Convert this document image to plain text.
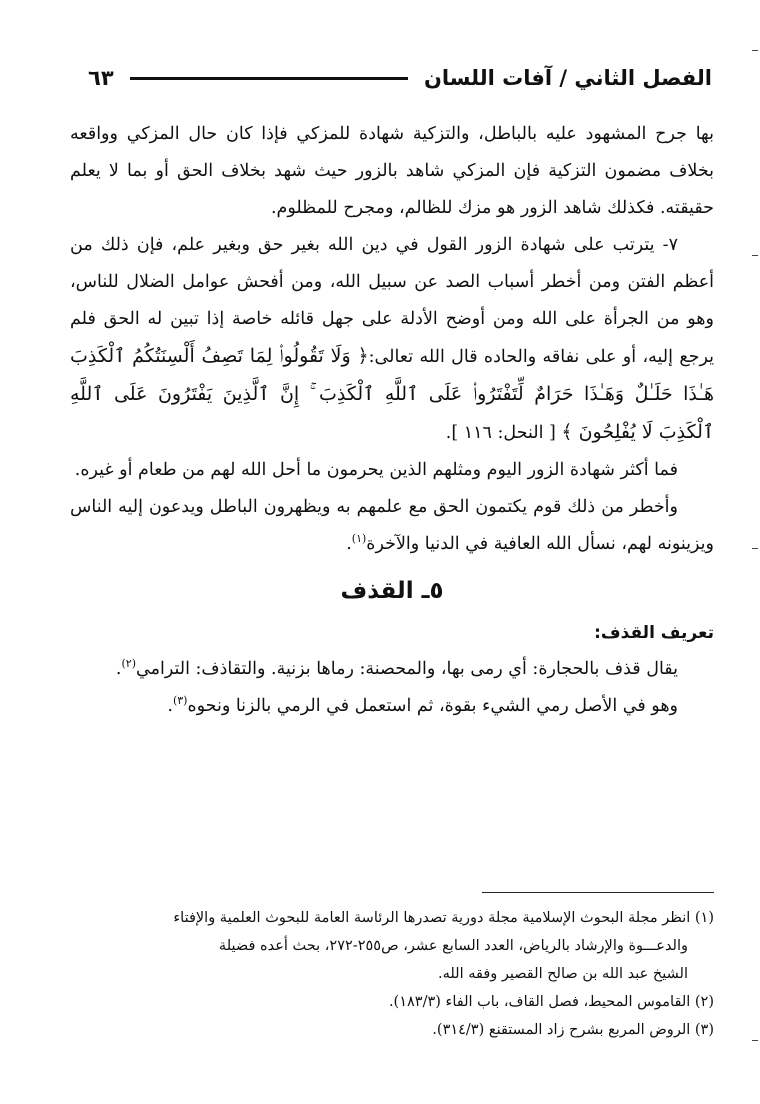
الفصل الثاني / آفات اللسان
٦٣

بها جرح المشهود عليه بالباطل، والتزكية شهادة للمزكي فإذا كان حال المزكي وواقعه بخلاف مضمون التزكية فإن المزكي شاهد بالزور حيث شهد بخلاف الحق أو بما لا يعلم حقيقته. فكذلك شاهد الزور هو مزك للظالم، ومجرح للمظلوم.

٧- يترتب على شهادة الزور القول في دين الله بغير حق وبغير علم، فإن ذلك من أعظم الفتن ومن أخطر أسباب الصد عن سبيل الله، ومن أفحش عوامل الضلال للناس، وهو من الجرأة على الله ومن أوضح الأدلة على جهل قائله خاصة إذا تبين له الحق فلم يرجع إليه، أو على نفاقه والحاده قال الله تعالى:﴿ وَلَا تَقُولُوا۟ لِمَا تَصِفُ أَلْسِنَتُكُمُ ٱلْكَذِبَ هَـٰذَا حَلَـٰلٌ وَهَـٰذَا حَرَامٌ لِّتَفْتَرُوا۟ عَلَى ٱللَّهِ ٱلْكَذِبَ ۚ إِنَّ ٱلَّذِينَ يَفْتَرُونَ عَلَى ٱللَّهِ ٱلْكَذِبَ لَا يُفْلِحُونَ ﴾ [ النحل: ١١٦ ].

فما أكثر شهادة الزور اليوم ومثلهم الذين يحرمون ما أحل الله لهم من طعام أو غيره.

وأخطر من ذلك قوم يكتمون الحق مع علمهم به ويظهرون الباطل ويدعون إليه الناس ويزينونه لهم، نسأل الله العافية في الدنيا والآخرة$^{(١)}$.

٥ـ القذف
تعريف القذف:

يقال قذف بالحجارة: أي رمى بها، والمحصنة: رماها بزنية. والتقاذف: الترامي$^{(٢)}$.

وهو في الأصل رمي الشيء بقوة، ثم استعمل في الرمي بالزنا ونحوه$^{(٣)}$.

(١) انظر مجلة البحوث الإسلامية مجلة دورية تصدرها الرئاسة العامة للبحوث العلمية والإفتاء

والدعـــوة والإرشاد بالرياض، العدد السابع عشر، ص٢٥٥-٢٧٢، بحث أعده فضيلة

الشيخ عبد الله بن صالح القصير وفقه الله.

(٢) القاموس المحيط، فصل القاف، باب الفاء (١٨٣/٣).

(٣) الروض المربع بشرح زاد المستقنع (٣١٤/٣).
